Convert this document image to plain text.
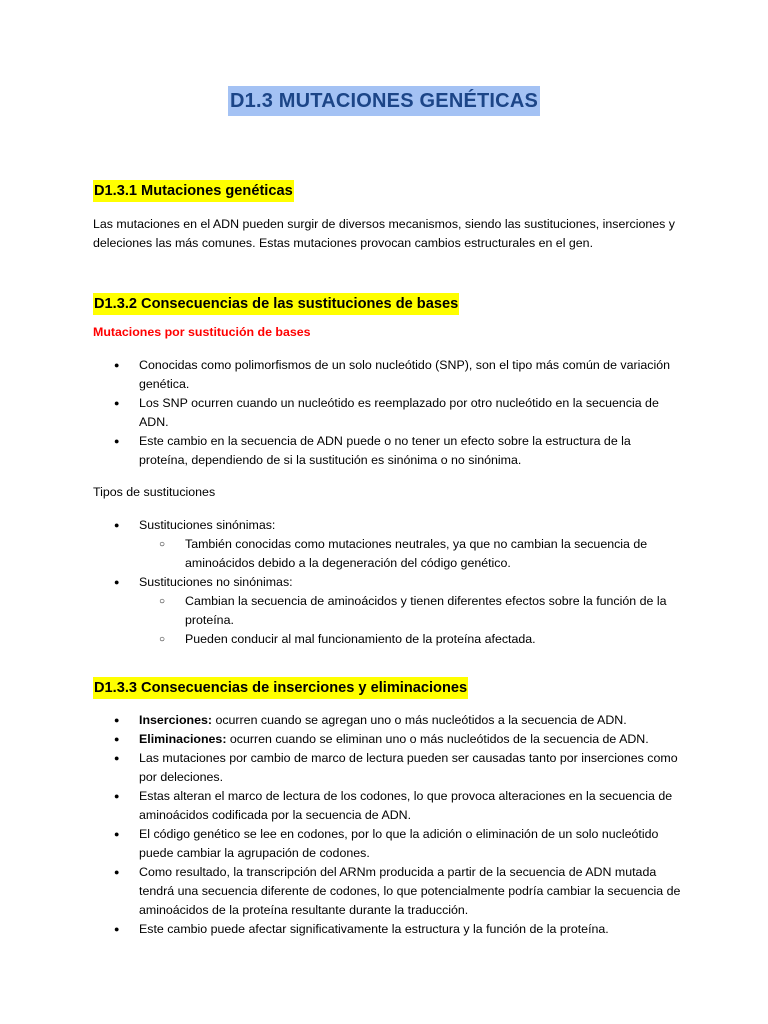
D1.3 MUTACIONES GENÉTICAS
D1.3.1 Mutaciones genéticas
Las mutaciones en el ADN pueden surgir de diversos mecanismos, siendo las sustituciones, inserciones y deleciones las más comunes. Estas mutaciones provocan cambios estructurales en el gen.
D1.3.2 Consecuencias de las sustituciones de bases
Mutaciones por sustitución de bases
● Conocidas como polimorfismos de un solo nucleótido (SNP), son el tipo más común de variación genética.
● Los SNP ocurren cuando un nucleótido es reemplazado por otro nucleótido en la secuencia de ADN.
● Este cambio en la secuencia de ADN puede o no tener un efecto sobre la estructura de la proteína, dependiendo de si la sustitución es sinónima o no sinónima.
Tipos de sustituciones
● Sustituciones sinónimas:
○ También conocidas como mutaciones neutrales, ya que no cambian la secuencia de aminoácidos debido a la degeneración del código genético.
● Sustituciones no sinónimas:
○ Cambian la secuencia de aminoácidos y tienen diferentes efectos sobre la función de la proteína.
○ Pueden conducir al mal funcionamiento de la proteína afectada.
D1.3.3 Consecuencias de inserciones y eliminaciones
● Inserciones: ocurren cuando se agregan uno o más nucleótidos a la secuencia de ADN.
● Eliminaciones: ocurren cuando se eliminan uno o más nucleótidos de la secuencia de ADN.
● Las mutaciones por cambio de marco de lectura pueden ser causadas tanto por inserciones como por deleciones.
● Estas alteran el marco de lectura de los codones, lo que provoca alteraciones en la secuencia de aminoácidos codificada por la secuencia de ADN.
● El código genético se lee en codones, por lo que la adición o eliminación de un solo nucleótido puede cambiar la agrupación de codones.
● Como resultado, la transcripción del ARNm producida a partir de la secuencia de ADN mutada tendrá una secuencia diferente de codones, lo que potencialmente podría cambiar la secuencia de aminoácidos de la proteína resultante durante la traducción.
● Este cambio puede afectar significativamente la estructura y la función de la proteína.
